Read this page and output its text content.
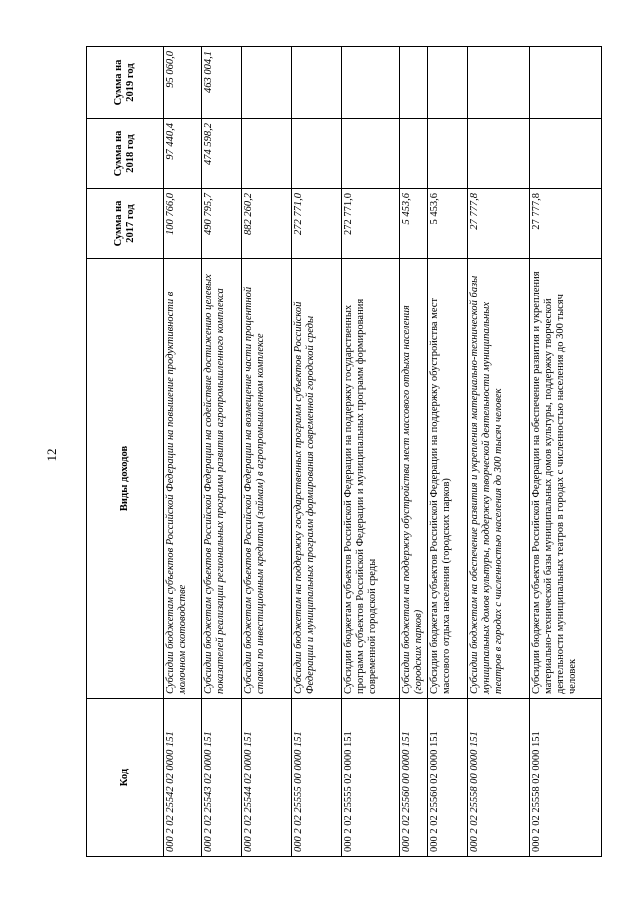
12
Код	Виды доходов	Сумма на 2017 год	Сумма на 2018 год	Сумма на 2019 год
000 2 02 25542 02 0000 151	Субсидии бюджетам субъектов Российской Федерации на повышение продуктивности в молочном скотоводстве	100 766,0	97 440,4	95 060,0
000 2 02 25543 02 0000 151	Субсидии бюджетам субъектов Российской Федерации на содействие достижению целевых показателей реализации региональных программ развития агропромышленного комплекса	490 795,7	474 598,2	463 004,1
000 2 02 25544 02 0000 151	Субсидии бюджетам субъектов Российской Федерации на возмещение части процентной ставки по инвестиционным кредитам (займам) в агропромышленном комплексе	882 260,2		
000 2 02 25555 00 0000 151	Субсидии бюджетам на поддержку государственных программ субъектов Российской Федерации и муниципальных программ формирования современной городской среды	272 771,0		
000 2 02 25555 02 0000 151	Субсидии бюджетам субъектов Российской Федерации на поддержку государственных программ субъектов Российской Федерации и муниципальных программ формирования современной городской среды	272 771,0		
000 2 02 25560 00 0000 151	Субсидии бюджетам на поддержку обустройства мест массового отдыха населения (городских парков)	5 453,6		
000 2 02 25560 02 0000 151	Субсидии бюджетам субъектов Российской Федерации на поддержку обустройства мест массового отдыха населения (городских парков)	5 453,6		
000 2 02 25558 00 0000 151	Субсидии бюджетам на обеспечение развития и укрепления материально-технической базы муниципальных домов культуры, поддержку творческой деятельности муниципальных театров в городах с численностью населения до 300 тысяч человек	27 777,8		
000 2 02 25558 02 0000 151	Субсидии бюджетам субъектов Российской Федерации на обеспечение развития и укрепления материально-технической базы муниципальных домов культуры, поддержку творческой деятельности муниципальных театров в городах с численностью населения до 300 тысяч человек	27 777,8		
